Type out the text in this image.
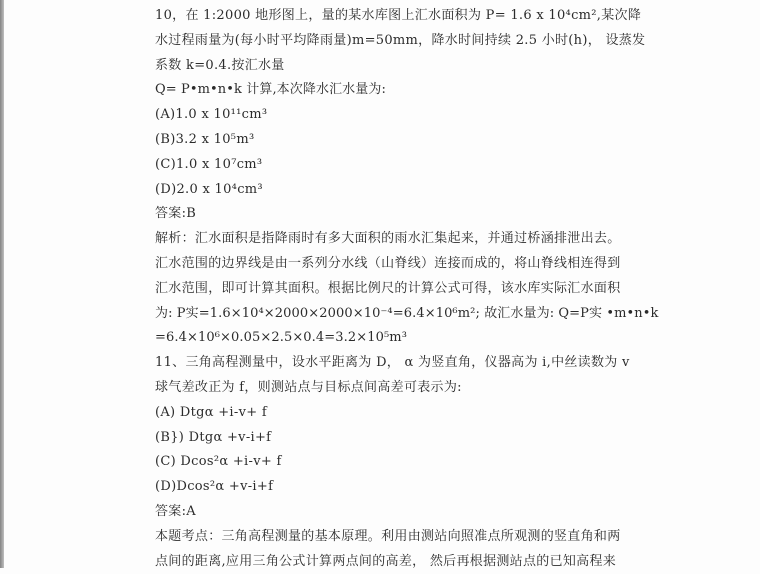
10，在 1:2000 地形图上，量的某水库图上汇水面积为 P= 1.6 x 10⁴cm²,某次降
水过程雨量为(每小时平均降雨量)m=50mm，降水时间持续 2.5 小时(h)， 设蒸发
系数 k=0.4.按汇水量
Q= P•m•n•k 计算,本次降水汇水量为:
(A)1.0 x 10¹¹cm³
(B)3.2 x 10⁵m³
(C)1.0 x 10⁷cm³
(D)2.0 x 10⁴cm³
答案:B
解析：汇水面积是指降雨时有多大面积的雨水汇集起来，并通过桥涵排泄出去。
汇水范围的边界线是由一系列分水线（山脊线）连接而成的，将山脊线相连得到
汇水范围，即可计算其面积。根据比例尺的计算公式可得，该水库实际汇水面积
为: P实=1.6×10⁴×2000×2000×10⁻⁴=6.4×10⁶m²; 故汇水量为: Q=P实 •m•n•k
=6.4×10⁶×0.05×2.5×0.4=3.2×10⁵m³
11、三角高程测量中，设水平距离为 D， α 为竖直角，仪器高为 i,中丝读数为 v
球气差改正为 f，则测站点与目标点间高差可表示为:
(A) Dtgα +i-v+ f
(B}) Dtgα +v-i+f
(C) Dcos²α +i-v+ f
(D)Dcos²α +v-i+f
答案:A
本题考点：三角高程测量的基本原理。利用由测站向照准点所观测的竖直角和两
点间的距离,应用三角公式计算两点间的高差， 然后再根据测站点的已知高程来
